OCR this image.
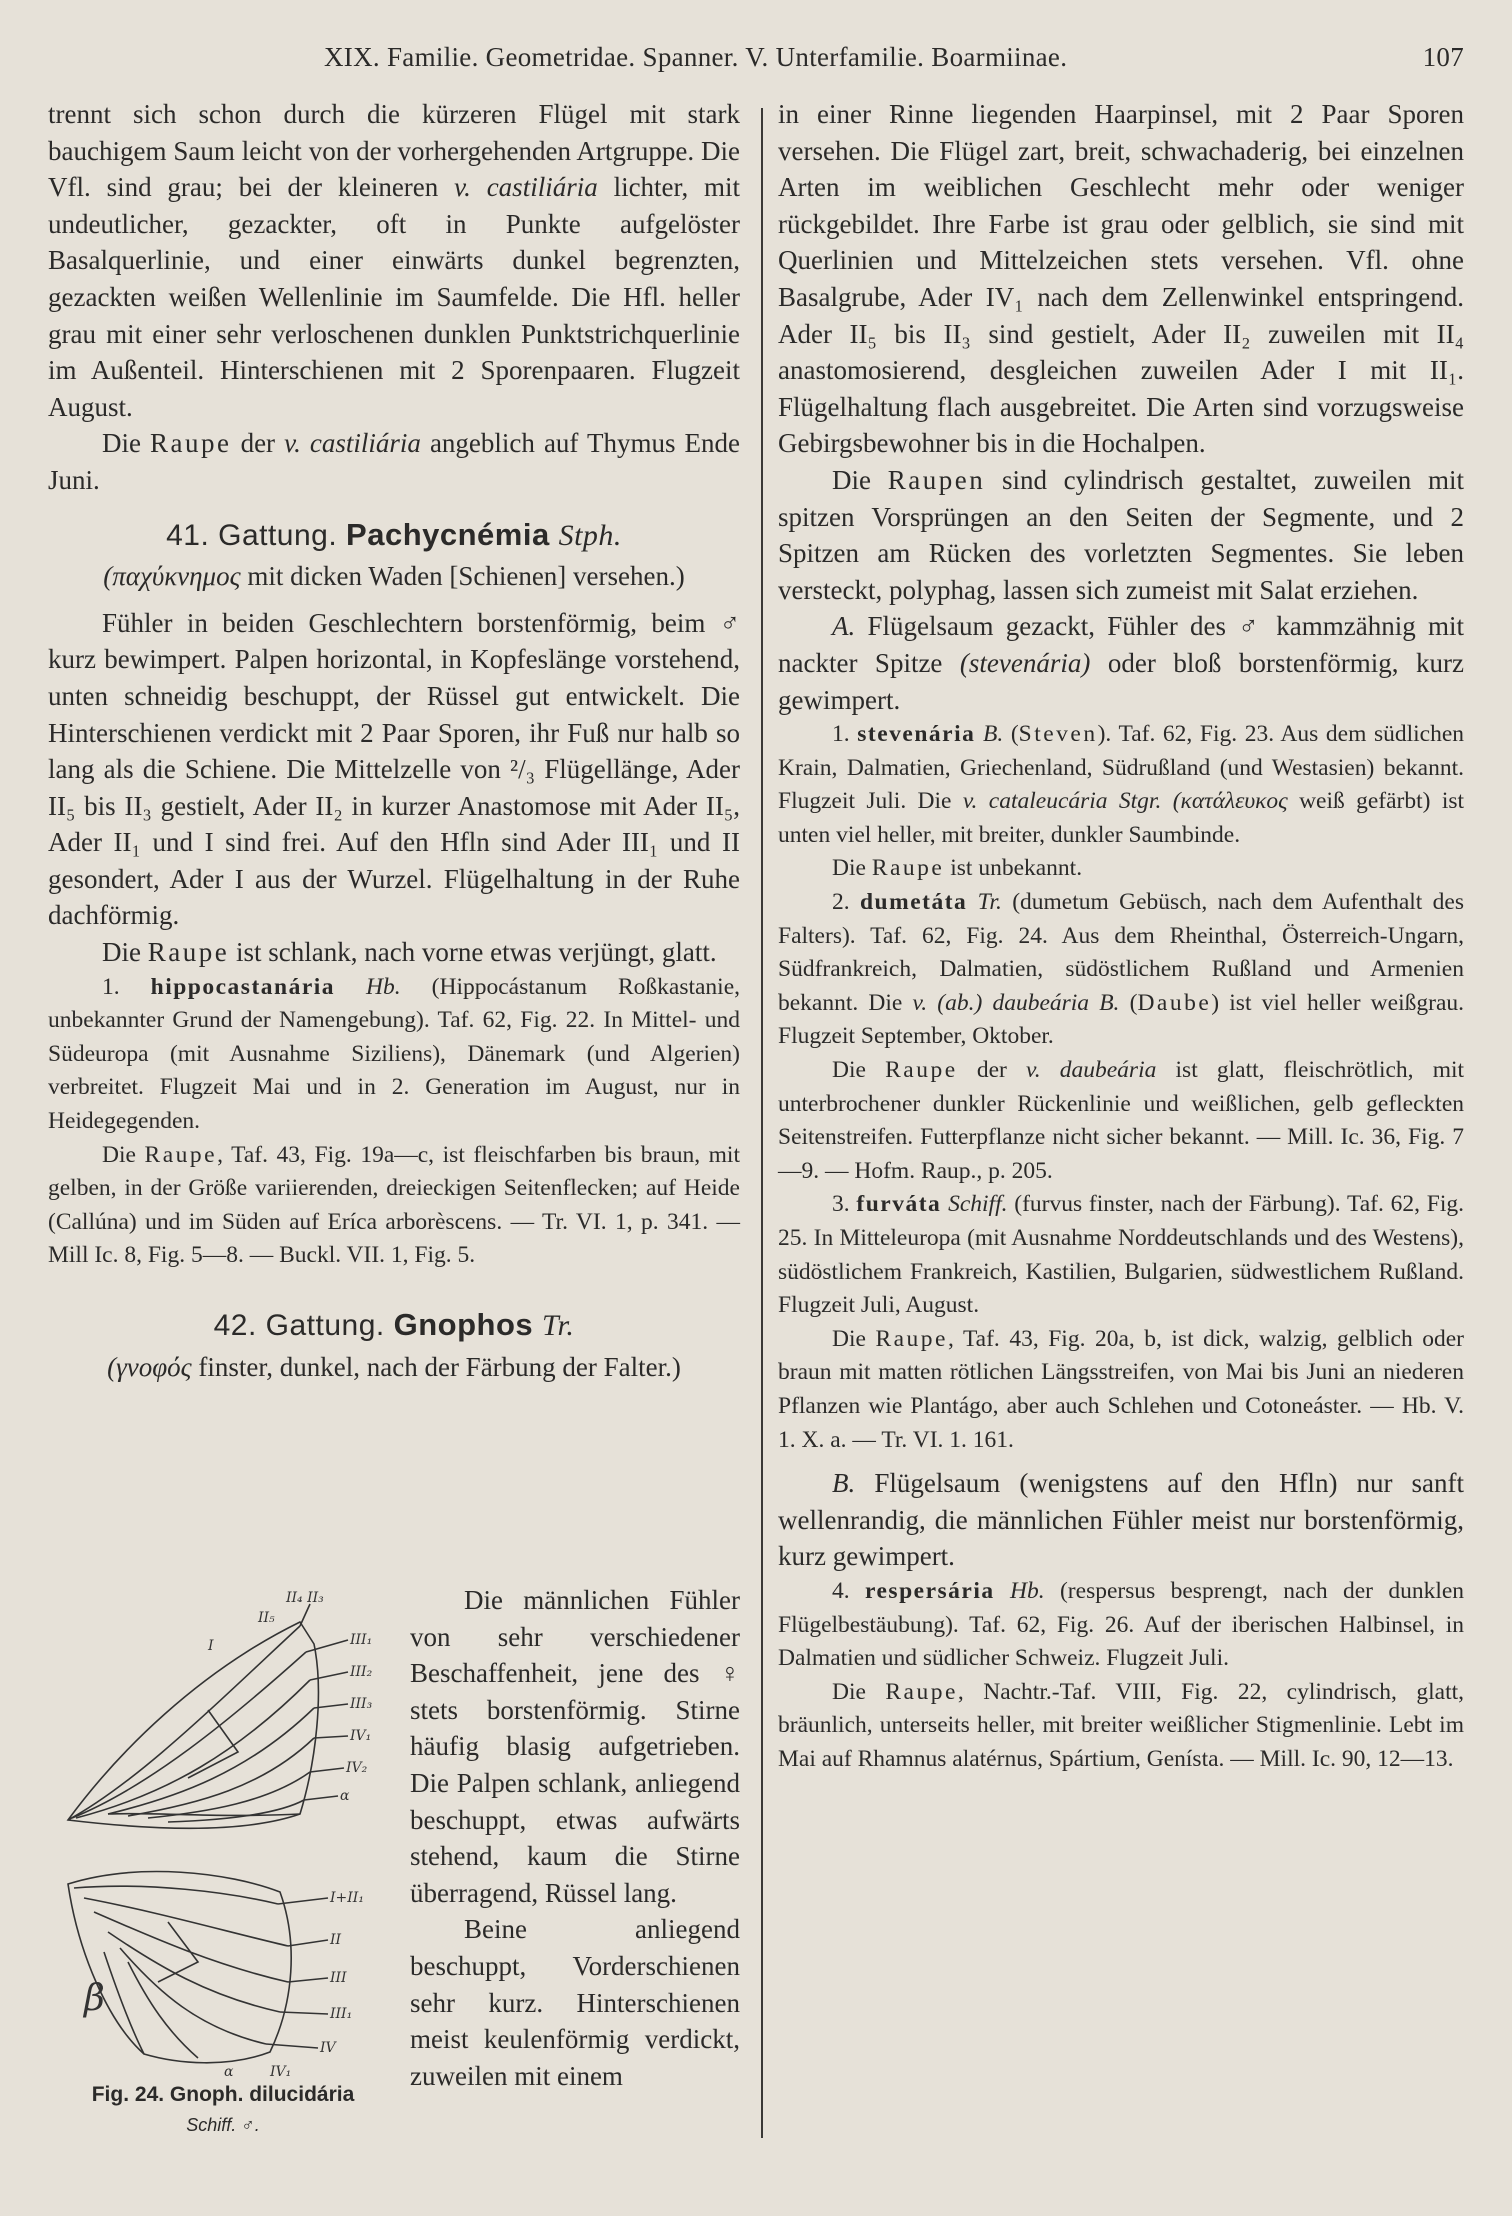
XIX. Familie. Geometridae. Spanner. V. Unterfamilie. Boarmiinae.	107

trennt sich schon durch die kürzeren Flügel mit stark bauchigem Saum leicht von der vorhergehenden Artgruppe. Die Vfl. sind grau; bei der kleineren v. castiliária lichter, mit undeutlicher, gezackter, oft in Punkte aufgelöster Basalquerlinie, und einer einwärts dunkel begrenzten, gezackten weißen Wellenlinie im Saumfelde. Die Hfl. heller grau mit einer sehr verloschenen dunklen Punktstrichquerlinie im Außenteil. Hinterschienen mit 2 Sporenpaaren. Flugzeit August.

Die Raupe der v. castiliária angeblich auf Thymus Ende Juni.

41. Gattung. Pachycnémia Stph.

(παχύκνημος mit dicken Waden [Schienen] versehen.)

Fühler in beiden Geschlechtern borstenförmig, beim ♂ kurz bewimpert. Palpen horizontal, in Kopfeslänge vorstehend, unten schneidig beschuppt, der Rüssel gut entwickelt. Die Hinterschienen verdickt mit 2 Paar Sporen, ihr Fuß nur halb so lang als die Schiene. Die Mittelzelle von ²/₃ Flügellänge, Ader II₅ bis II₃ gestielt, Ader II₂ in kurzer Anastomose mit Ader II₅, Ader II₁ und I sind frei. Auf den Hfln sind Ader III₁ und II gesondert, Ader I aus der Wurzel. Flügelhaltung in der Ruhe dachförmig.

Die Raupe ist schlank, nach vorne etwas verjüngt, glatt.

1. hippocastanária Hb. (Hippocástanum Roßkastanie, unbekannter Grund der Namengebung). Taf. 62, Fig. 22. In Mittel- und Südeuropa (mit Ausnahme Siziliens), Dänemark (und Algerien) verbreitet. Flugzeit Mai und in 2. Generation im August, nur in Heidegegenden.

Die Raupe, Taf. 43, Fig. 19a—c, ist fleischfarben bis braun, mit gelben, in der Größe variierenden, dreieckigen Seitenflecken; auf Heide (Callúna) und im Süden auf Eríca arborèscens. — Tr. VI. 1, p. 341. — Mill Ic. 8, Fig. 5—8. — Buckl. VII. 1, Fig. 5.

42. Gattung. Gnophos Tr.

(γνοφός finster, dunkel, nach der Färbung der Falter.)

II₄ II₃
II₅
III₁
III₂
III₃
IV₁
IV₂
α
I
I+II₁
II
III
III₁
IV
IV₁
α
β
Fig. 24. Gnoph. dilucidária
Schiff. ♂.

Die männlichen Fühler von sehr verschiedener Beschaffenheit, jene des ♀ stets borstenförmig. Stirne häufig blasig aufgetrieben. Die Palpen schlank, anliegend beschuppt, etwas aufwärts stehend, kaum die Stirne überragend, Rüssel lang.

Beine anliegend beschuppt, Vorderschienen sehr kurz. Hinterschienen meist keulenförmig verdickt, zuweilen mit einem

in einer Rinne liegenden Haarpinsel, mit 2 Paar Sporen versehen. Die Flügel zart, breit, schwachaderig, bei einzelnen Arten im weiblichen Geschlecht mehr oder weniger rückgebildet. Ihre Farbe ist grau oder gelblich, sie sind mit Querlinien und Mittelzeichen stets versehen. Vfl. ohne Basalgrube, Ader IV₁ nach dem Zellenwinkel entspringend. Ader II₅ bis II₃ sind gestielt, Ader II₂ zuweilen mit II₄ anastomosierend, desgleichen zuweilen Ader I mit II₁. Flügelhaltung flach ausgebreitet. Die Arten sind vorzugsweise Gebirgsbewohner bis in die Hochalpen.

Die Raupen sind cylindrisch gestaltet, zuweilen mit spitzen Vorsprüngen an den Seiten der Segmente, und 2 Spitzen am Rücken des vorletzten Segmentes. Sie leben versteckt, polyphag, lassen sich zumeist mit Salat erziehen.

A. Flügelsaum gezackt, Fühler des ♂ kammzähnig mit nackter Spitze (stevenária) oder bloß borstenförmig, kurz gewimpert.

1. stevenária B. (Steven). Taf. 62, Fig. 23. Aus dem südlichen Krain, Dalmatien, Griechenland, Südrußland (und Westasien) bekannt. Flugzeit Juli. Die v. cataleucária Stgr. (κατάλευκος weiß gefärbt) ist unten viel heller, mit breiter, dunkler Saumbinde.

Die Raupe ist unbekannt.

2. dumetáta Tr. (dumetum Gebüsch, nach dem Aufenthalt des Falters). Taf. 62, Fig. 24. Aus dem Rheinthal, Österreich-Ungarn, Südfrankreich, Dalmatien, südöstlichem Rußland und Armenien bekannt. Die v. (ab.) daubeária B. (Daube) ist viel heller weißgrau. Flugzeit September, Oktober.

Die Raupe der v. daubeária ist glatt, fleischrötlich, mit unterbrochener dunkler Rückenlinie und weißlichen, gelb gefleckten Seitenstreifen. Futterpflanze nicht sicher bekannt. — Mill. Ic. 36, Fig. 7—9. — Hofm. Raup., p. 205.

3. furváta Schiff. (furvus finster, nach der Färbung). Taf. 62, Fig. 25. In Mitteleuropa (mit Ausnahme Norddeutschlands und des Westens), südöstlichem Frankreich, Kastilien, Bulgarien, südwestlichem Rußland. Flugzeit Juli, August.

Die Raupe, Taf. 43, Fig. 20a, b, ist dick, walzig, gelblich oder braun mit matten rötlichen Längsstreifen, von Mai bis Juni an niederen Pflanzen wie Plantágo, aber auch Schlehen und Cotoneáster. — Hb. V. 1. X. a. — Tr. VI. 1. 161.

B. Flügelsaum (wenigstens auf den Hfln) nur sanft wellenrandig, die männlichen Fühler meist nur borstenförmig, kurz gewimpert.

4. respersária Hb. (respersus besprengt, nach der dunklen Flügelbestäubung). Taf. 62, Fig. 26. Auf der iberischen Halbinsel, in Dalmatien und südlicher Schweiz. Flugzeit Juli.

Die Raupe, Nachtr.-Taf. VIII, Fig. 22, cylindrisch, glatt, bräunlich, unterseits heller, mit breiter weißlicher Stigmenlinie. Lebt im Mai auf Rhamnus alatérnus, Spártium, Genísta. — Mill. Ic. 90, 12—13.
